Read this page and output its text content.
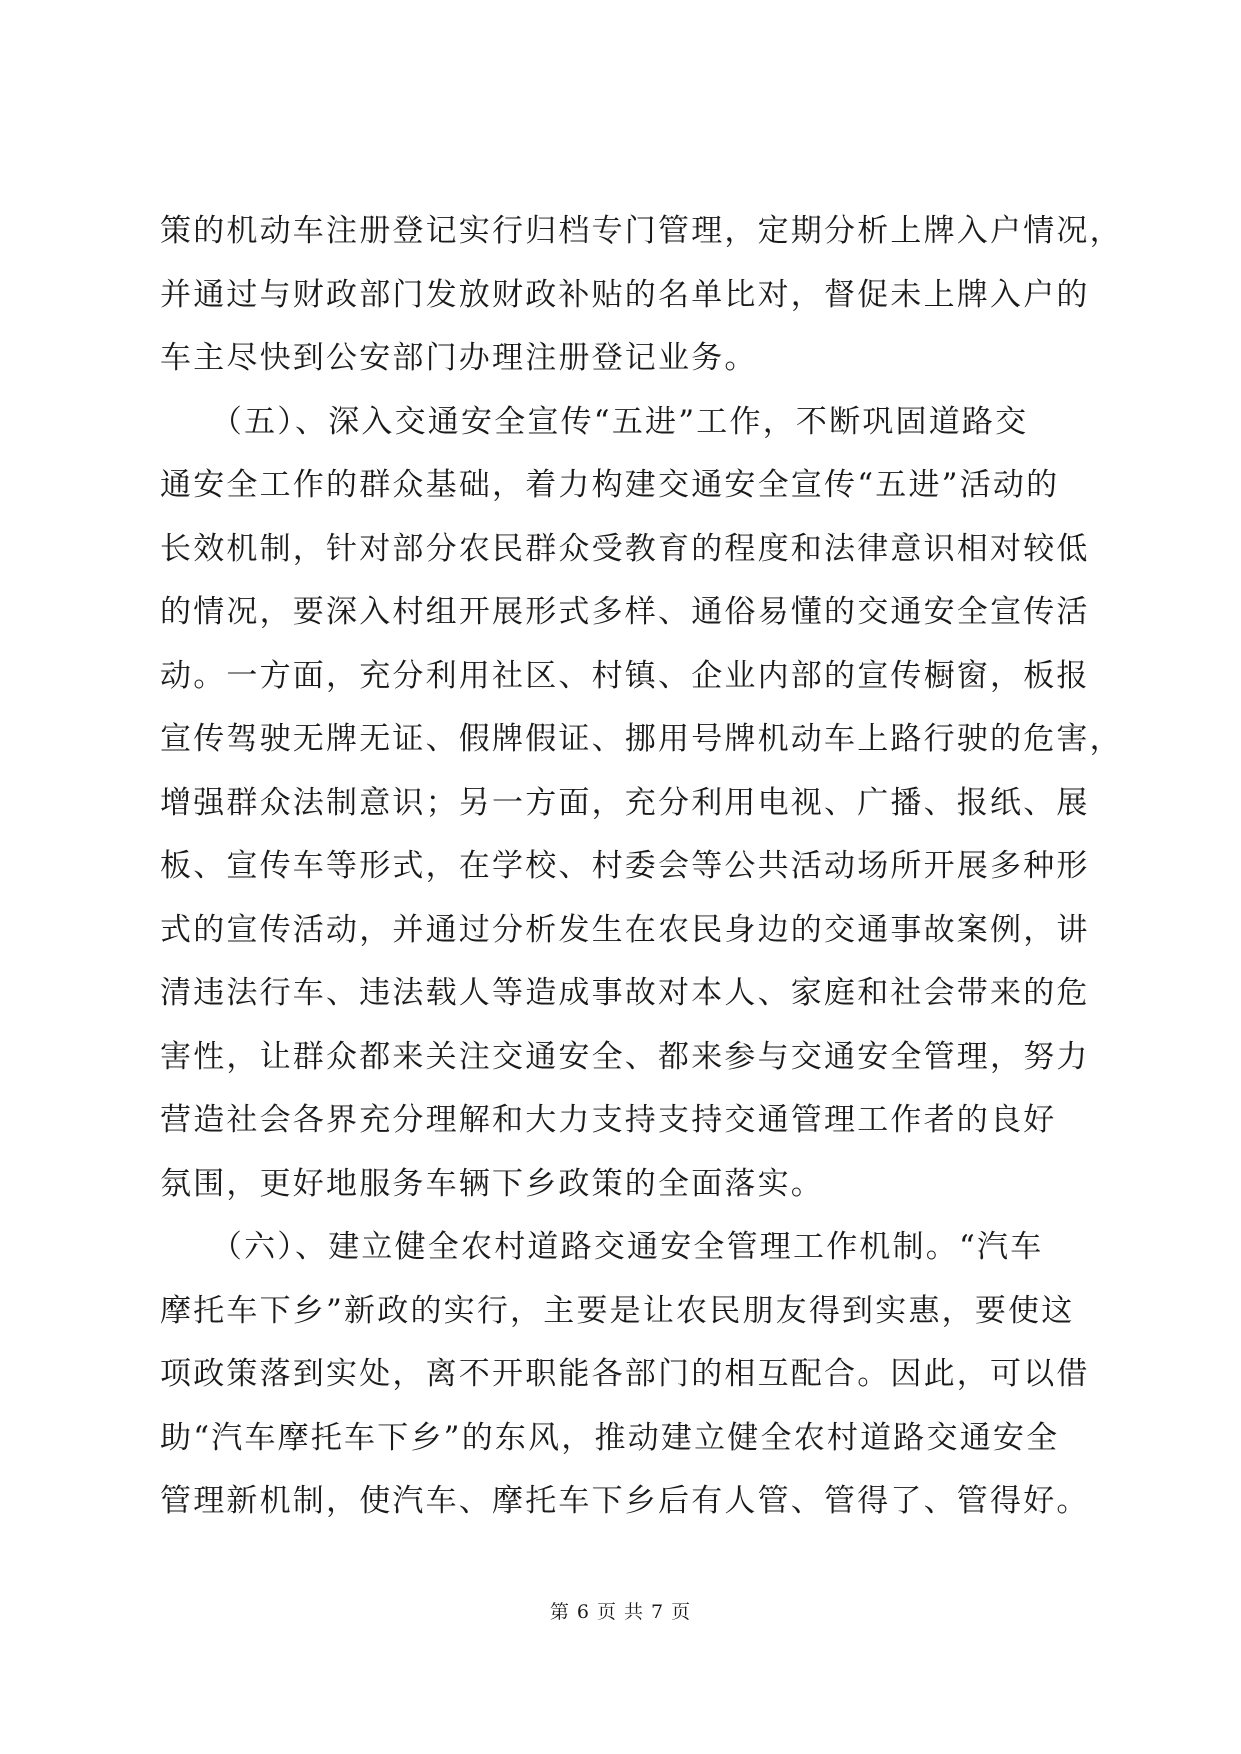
策的机动车注册登记实行归档专门管理，定期分析上牌入户情况，
并通过与财政部门发放财政补贴的名单比对，督促未上牌入户的
车主尽快到公安部门办理注册登记业务。
　　（五）、深入交通安全宣传“五进”工作，不断巩固道路交
通安全工作的群众基础，着力构建交通安全宣传“五进”活动的
长效机制，针对部分农民群众受教育的程度和法律意识相对较低
的情况，要深入村组开展形式多样、通俗易懂的交通安全宣传活
动。一方面，充分利用社区、村镇、企业内部的宣传橱窗，板报
宣传驾驶无牌无证、假牌假证、挪用号牌机动车上路行驶的危害，
增强群众法制意识；另一方面，充分利用电视、广播、报纸、展
板、宣传车等形式，在学校、村委会等公共活动场所开展多种形
式的宣传活动，并通过分析发生在农民身边的交通事故案例，讲
清违法行车、违法载人等造成事故对本人、家庭和社会带来的危
害性，让群众都来关注交通安全、都来参与交通安全管理，努力
营造社会各界充分理解和大力支持支持交通管理工作者的良好
氛围，更好地服务车辆下乡政策的全面落实。
　　（六）、建立健全农村道路交通安全管理工作机制。“汽车
摩托车下乡”新政的实行，主要是让农民朋友得到实惠，要使这
项政策落到实处，离不开职能各部门的相互配合。因此，可以借
助“汽车摩托车下乡”的东风，推动建立健全农村道路交通安全
管理新机制，使汽车、摩托车下乡后有人管、管得了、管得好。
第 6 页 共 7 页
